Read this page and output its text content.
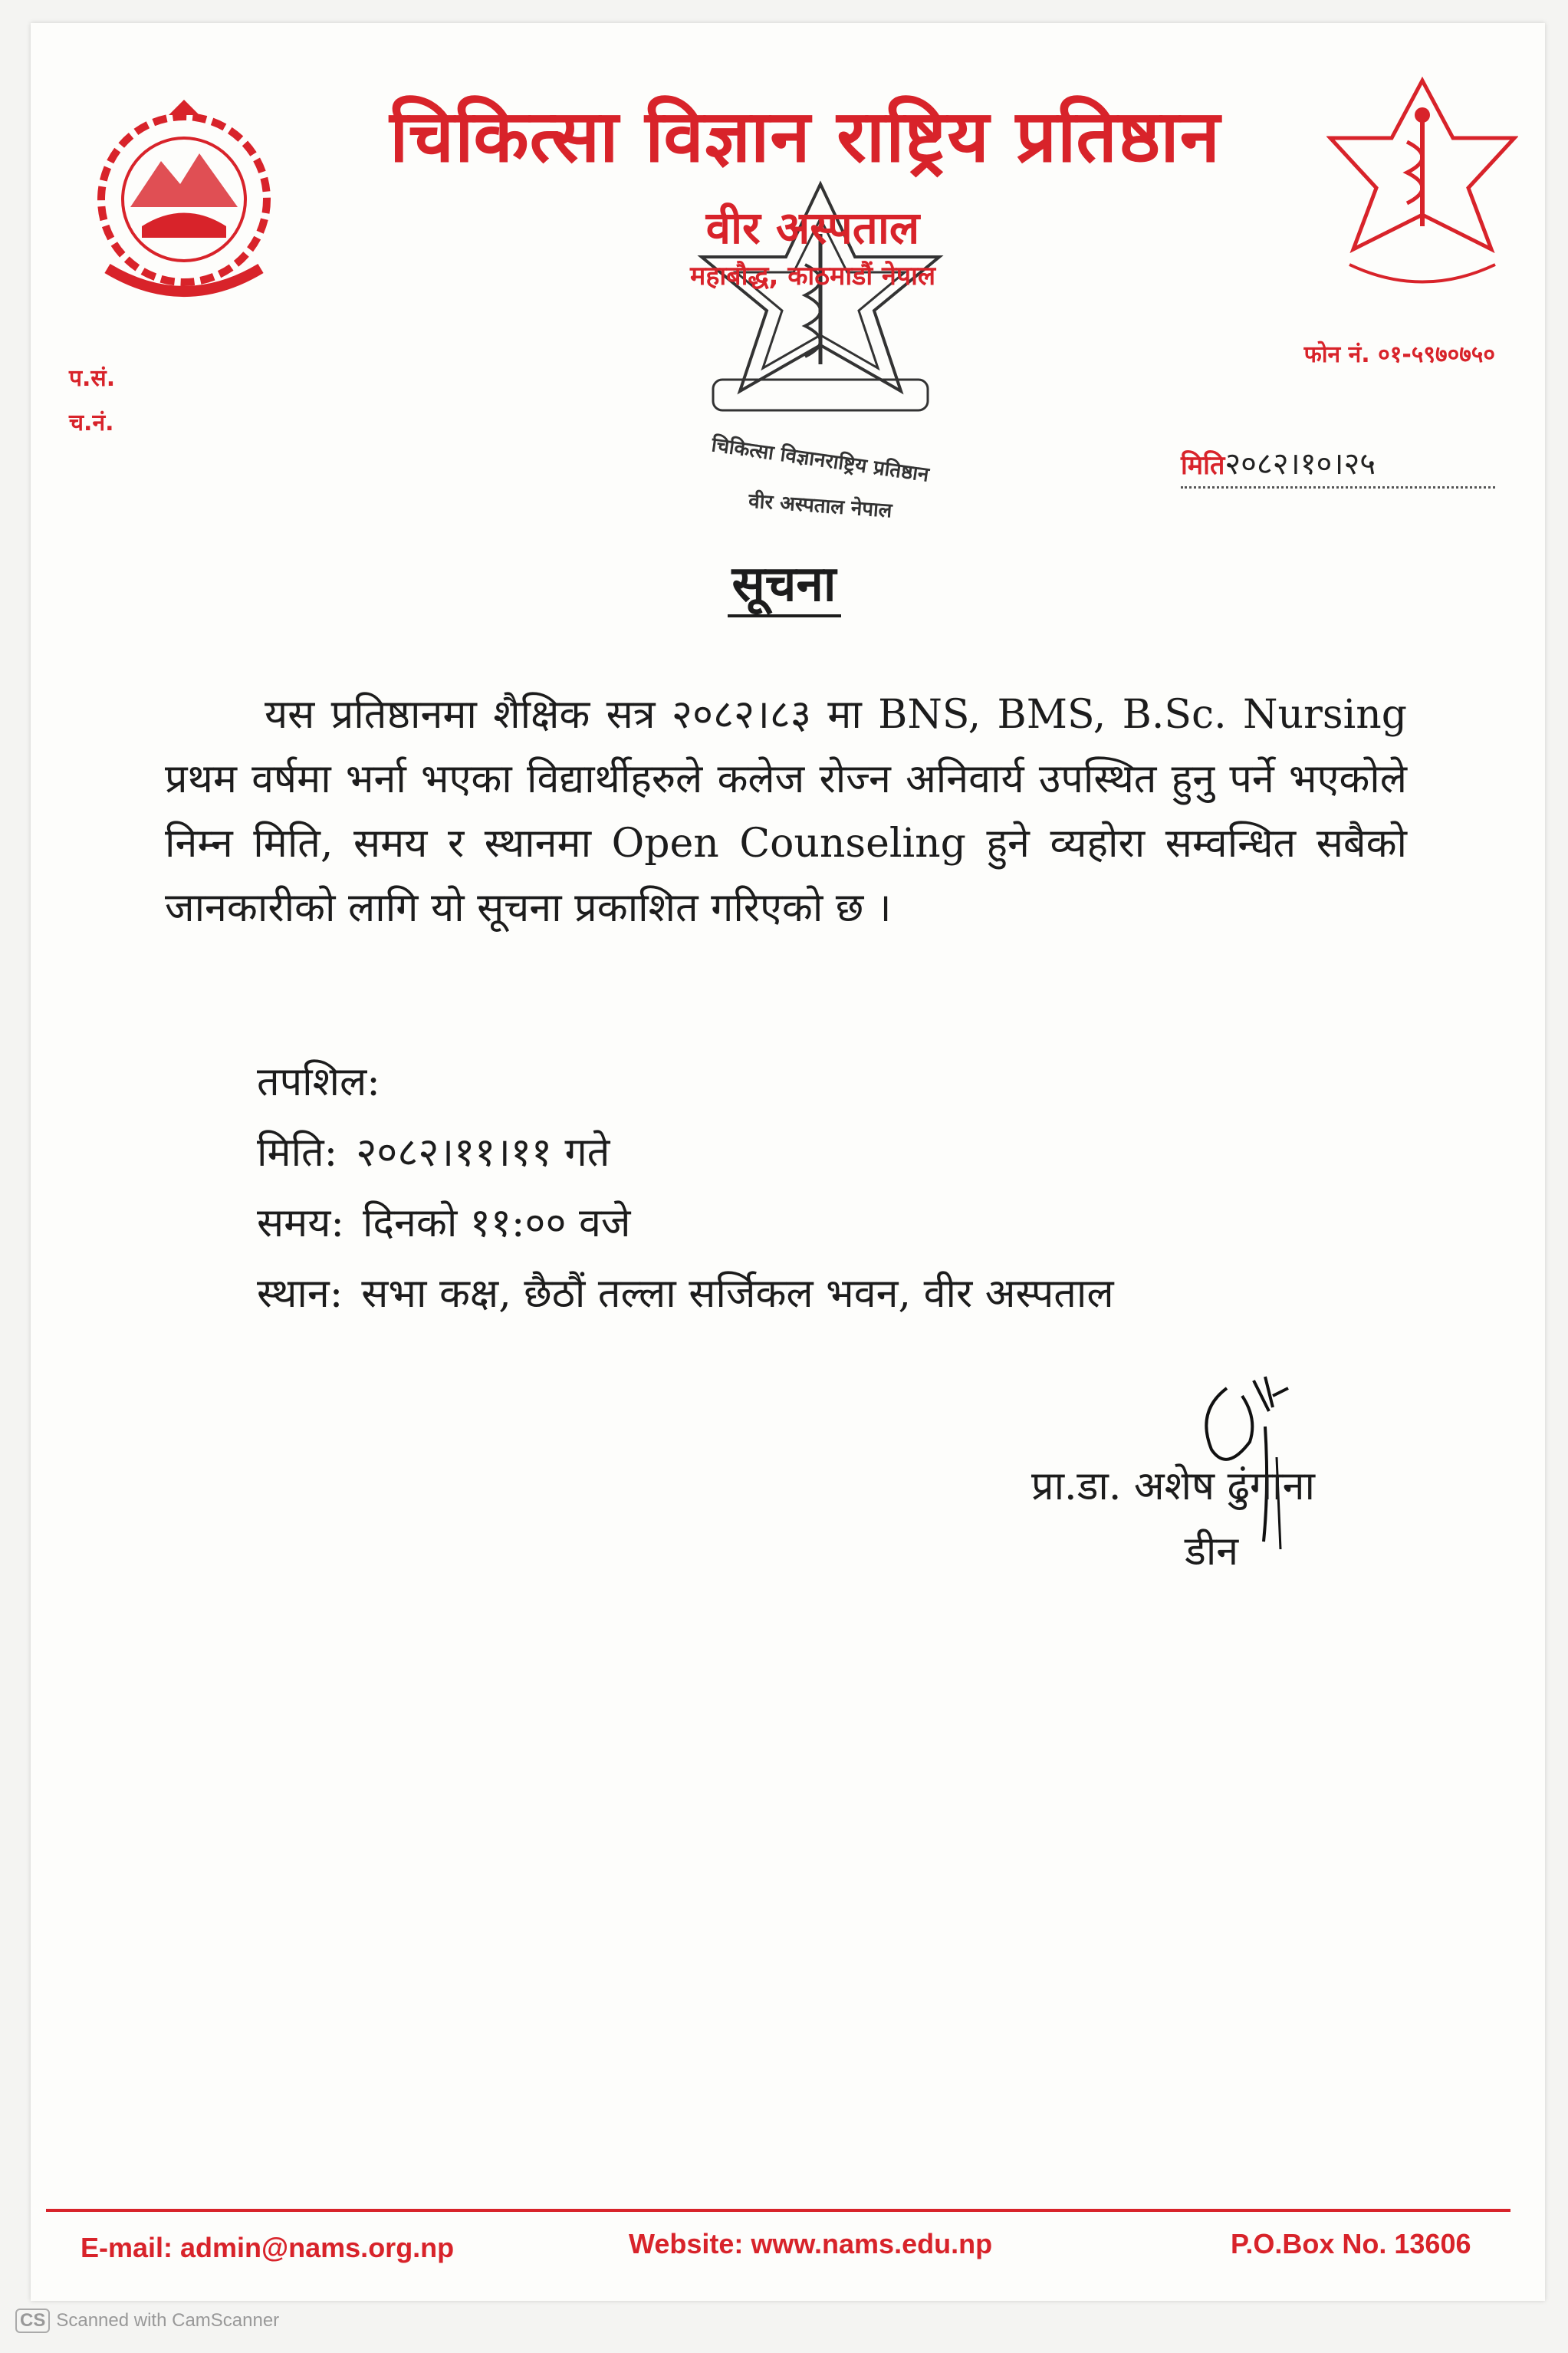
चिकित्सा विज्ञानराष्ट्रिय प्रतिष्ठान
वीर अस्पताल नेपाल
चिकित्सा विज्ञान राष्ट्रिय प्रतिष्ठान
वीर अस्पताल
महाबौद्ध, काठमाडौं नेपाल
प.सं.
च.नं.
फोन नं. ०१-५९७०७५०
मिति२०८२।१०।२५
सूचना
यस प्रतिष्ठानमा शैक्षिक सत्र २०८२।८३ मा BNS, BMS, B.Sc. Nursing प्रथम वर्षमा भर्ना भएका विद्यार्थीहरुले कलेज रोज्न अनिवार्य उपस्थित हुनु पर्ने भएकोले निम्न मिति, समय र स्थानमा Open Counseling हुने व्यहोरा सम्वन्धित सबैको जानकारीको लागि यो सूचना प्रकाशित गरिएको छ ।
तपशिल:
मिति: २०८२।११।११ गते
समय: दिनको ११:०० वजे
स्थान: सभा कक्ष, छैठौं तल्ला सर्जिकल भवन, वीर अस्पताल
प्रा.डा. अशेष ढुंगाना
डीन
E-mail: admin@nams.org.np	Website: www.nams.edu.np	P.O.Box No. 13606
CS Scanned with CamScanner
